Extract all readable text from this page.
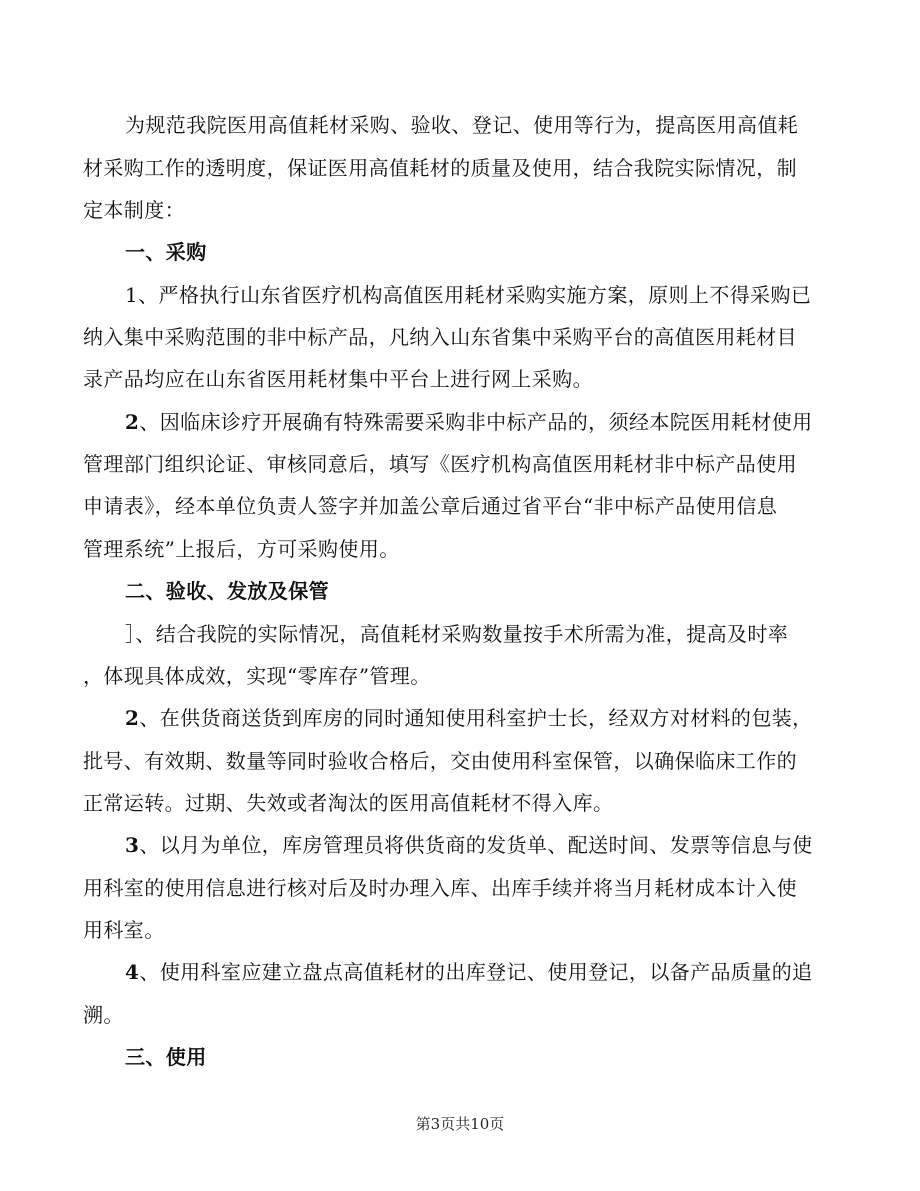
为规范我院医用高值耗材采购、验收、登记、使用等行为，提高医用高值耗
材采购工作的透明度，保证医用高值耗材的质量及使用，结合我院实际情况，制
定本制度：
一、采购
1、严格执行山东省医疗机构高值医用耗材采购实施方案，原则上不得采购已
纳入集中采购范围的非中标产品，凡纳入山东省集中采购平台的高值医用耗材目
录产品均应在山东省医用耗材集中平台上进行网上采购。
2、因临床诊疗开展确有特殊需要采购非中标产品的，须经本院医用耗材使用
管理部门组织论证、审核同意后，填写《医疗机构高值医用耗材非中标产品使用
申请表》，经本单位负责人签字并加盖公章后通过省平台“非中标产品使用信息
管理系统”上报后，方可采购使用。
二、验收、发放及保管
］、结合我院的实际情况，高值耗材采购数量按手术所需为准，提高及时率
，体现具体成效，实现“零库存”管理。
2、在供货商送货到库房的同时通知使用科室护士长，经双方对材料的包装，
批号、有效期、数量等同时验收合格后，交由使用科室保管，以确保临床工作的
正常运转。过期、失效或者淘汰的医用高值耗材不得入库。
3、以月为单位，库房管理员将供货商的发货单、配送时间、发票等信息与使
用科室的使用信息进行核对后及时办理入库、出库手续并将当月耗材成本计入使
用科室。
4、使用科室应建立盘点高值耗材的出库登记、使用登记，以备产品质量的追
溯。
三、使用
第3页共10页
